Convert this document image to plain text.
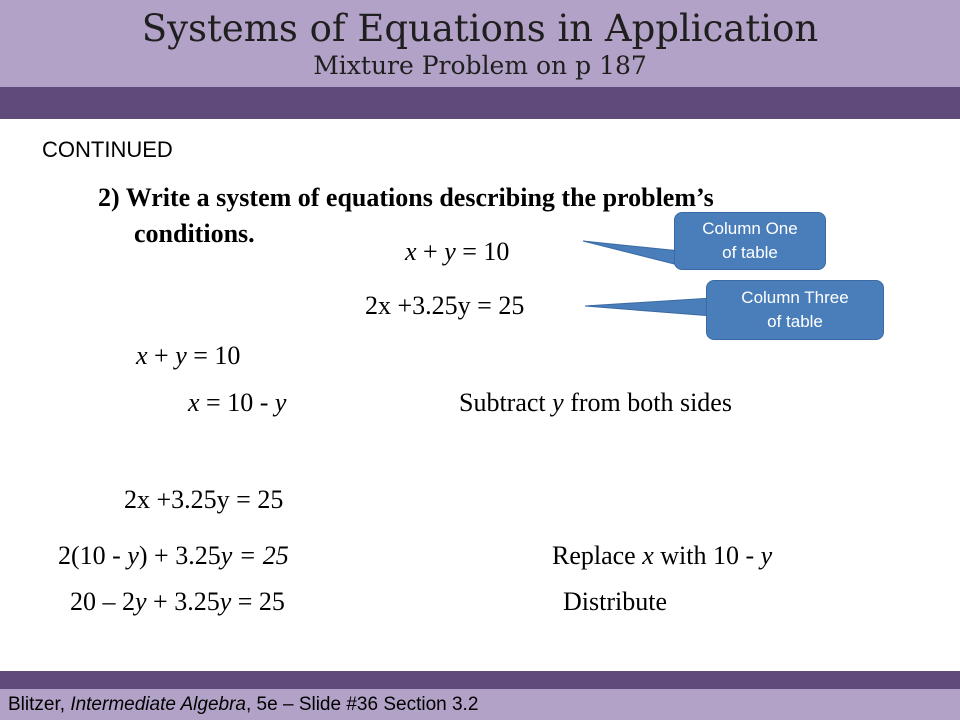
Systems of Equations in Application
Mixture Problem on p 187
CONTINUED
2) Write a system of equations describing the problem’s
conditions.
x + y = 10
2x +3.25y = 25
Column One
of table
Column Three
of table
x + y = 10
x = 10 - y	Subtract y from both sides
2x +3.25y = 25
2(10 - y) + 3.25y = 25	Replace x with 10 - y
20 – 2y + 3.25y = 25	Distribute
Blitzer, Intermediate Algebra, 5e – Slide #36 Section 3.2
